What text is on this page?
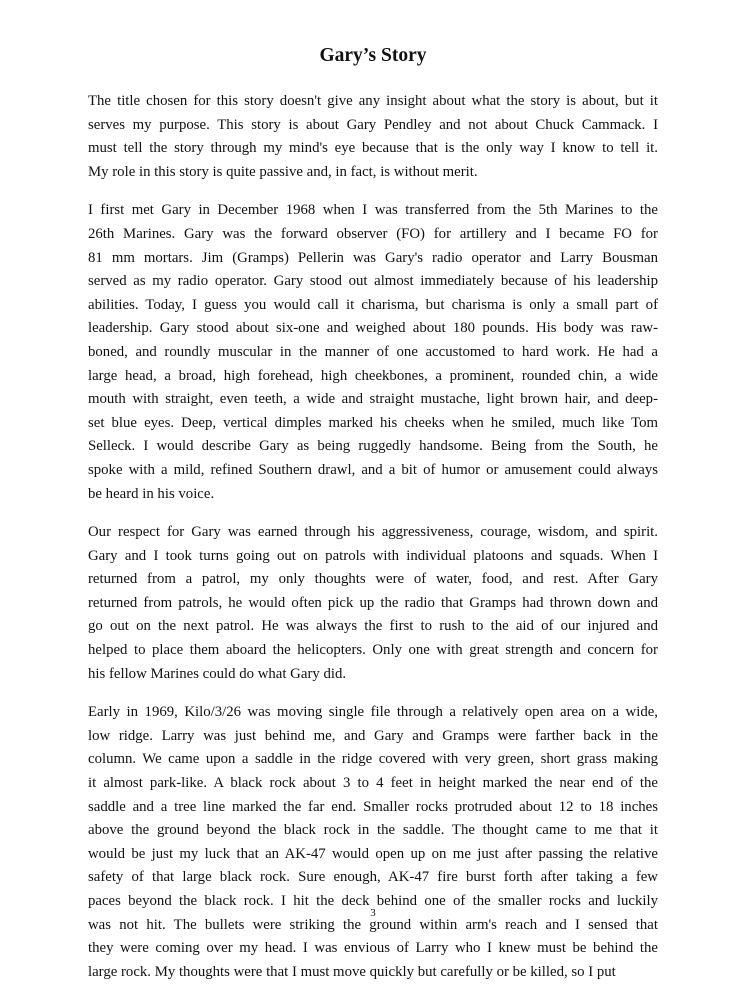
Gary’s Story
The title chosen for this story doesn't give any insight about what the story is about, but it
serves my purpose. This story is about Gary Pendley and not about Chuck Cammack. I
must tell the story through my mind's eye because that is the only way I know to tell it.
My role in this story is quite passive and, in fact, is without merit.
I first met Gary in December 1968 when I was transferred from the 5th Marines to the
26th Marines. Gary was the forward observer (FO) for artillery and I became FO for
81 mm mortars. Jim (Gramps) Pellerin was Gary's radio operator and Larry Bousman
served as my radio operator. Gary stood out almost immediately because of his leadership
abilities. Today, I guess you would call it charisma, but charisma is only a small part of
leadership. Gary stood about six-one and weighed about 180 pounds. His body was raw-
boned, and roundly muscular in the manner of one accustomed to hard work. He had a
large head, a broad, high forehead, high cheekbones, a prominent, rounded chin, a wide
mouth with straight, even teeth, a wide and straight mustache, light brown hair, and deep-
set blue eyes. Deep, vertical dimples marked his cheeks when he smiled, much like Tom
Selleck. I would describe Gary as being ruggedly handsome. Being from the South, he
spoke with a mild, refined Southern drawl, and a bit of humor or amusement could always
be heard in his voice.
Our respect for Gary was earned through his aggressiveness, courage, wisdom, and spirit.
Gary and I took turns going out on patrols with individual platoons and squads. When I
returned from a patrol, my only thoughts were of water, food, and rest. After Gary
returned from patrols, he would often pick up the radio that Gramps had thrown down and
go out on the next patrol. He was always the first to rush to the aid of our injured and
helped to place them aboard the helicopters. Only one with great strength and concern for
his fellow Marines could do what Gary did.
Early in 1969, Kilo/3/26 was moving single file through a relatively open area on a wide,
low ridge. Larry was just behind me, and Gary and Gramps were farther back in the
column. We came upon a saddle in the ridge covered with very green, short grass making
it almost park-like. A black rock about 3 to 4 feet in height marked the near end of the
saddle and a tree line marked the far end. Smaller rocks protruded about 12 to 18 inches
above the ground beyond the black rock in the saddle. The thought came to me that it
would be just my luck that an AK-47 would open up on me just after passing the relative
safety of that large black rock. Sure enough, AK-47 fire burst forth after taking a few
paces beyond the black rock. I hit the deck behind one of the smaller rocks and luckily
was not hit. The bullets were striking the ground within arm's reach and I sensed that
they were coming over my head. I was envious of Larry who I knew must be behind the
large rock. My thoughts were that I must move quickly but carefully or be killed, so I put
3
